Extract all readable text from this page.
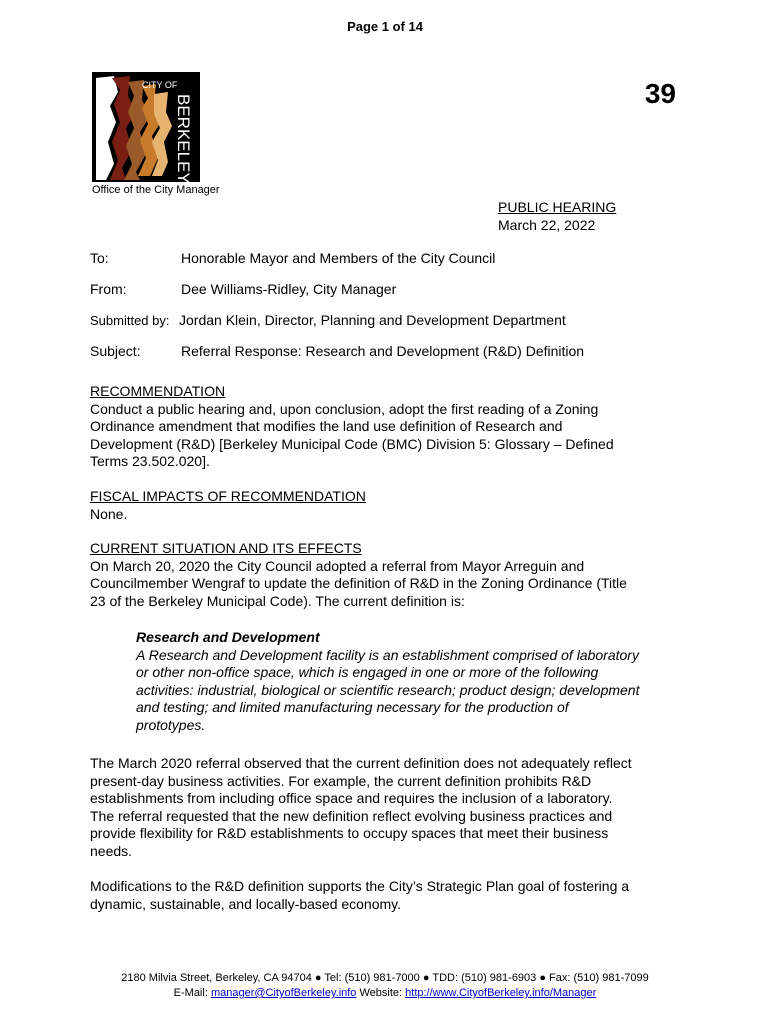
Page 1 of 14
CITY OF
BERKELEY
Office of the City Manager
39
PUBLIC HEARING
March 22, 2022
To:	Honorable Mayor and Members of the City Council
From:	Dee Williams-Ridley, City Manager
Submitted by: Jordan Klein, Director, Planning and Development Department
Subject:	Referral Response: Research and Development (R&D) Definition
RECOMMENDATION
Conduct a public hearing and, upon conclusion, adopt the first reading of a Zoning
Ordinance amendment that modifies the land use definition of Research and
Development (R&D) [Berkeley Municipal Code (BMC) Division 5: Glossary – Defined
Terms 23.502.020].
FISCAL IMPACTS OF RECOMMENDATION
None.
CURRENT SITUATION AND ITS EFFECTS
On March 20, 2020 the City Council adopted a referral from Mayor Arreguin and
Councilmember Wengraf to update the definition of R&D in the Zoning Ordinance (Title
23 of the Berkeley Municipal Code). The current definition is:
Research and Development
A Research and Development facility is an establishment comprised of laboratory
or other non-office space, which is engaged in one or more of the following
activities: industrial, biological or scientific research; product design; development
and testing; and limited manufacturing necessary for the production of
prototypes.
The March 2020 referral observed that the current definition does not adequately reflect
present-day business activities. For example, the current definition prohibits R&D
establishments from including office space and requires the inclusion of a laboratory.
The referral requested that the new definition reflect evolving business practices and
provide flexibility for R&D establishments to occupy spaces that meet their business
needs.
Modifications to the R&D definition supports the City’s Strategic Plan goal of fostering a
dynamic, sustainable, and locally-based economy.
2180 Milvia Street, Berkeley, CA 94704 ● Tel: (510) 981-7000 ● TDD: (510) 981-6903 ● Fax: (510) 981-7099
E-Mail: manager@CityofBerkeley.info Website: http://www.CityofBerkeley.info/Manager
